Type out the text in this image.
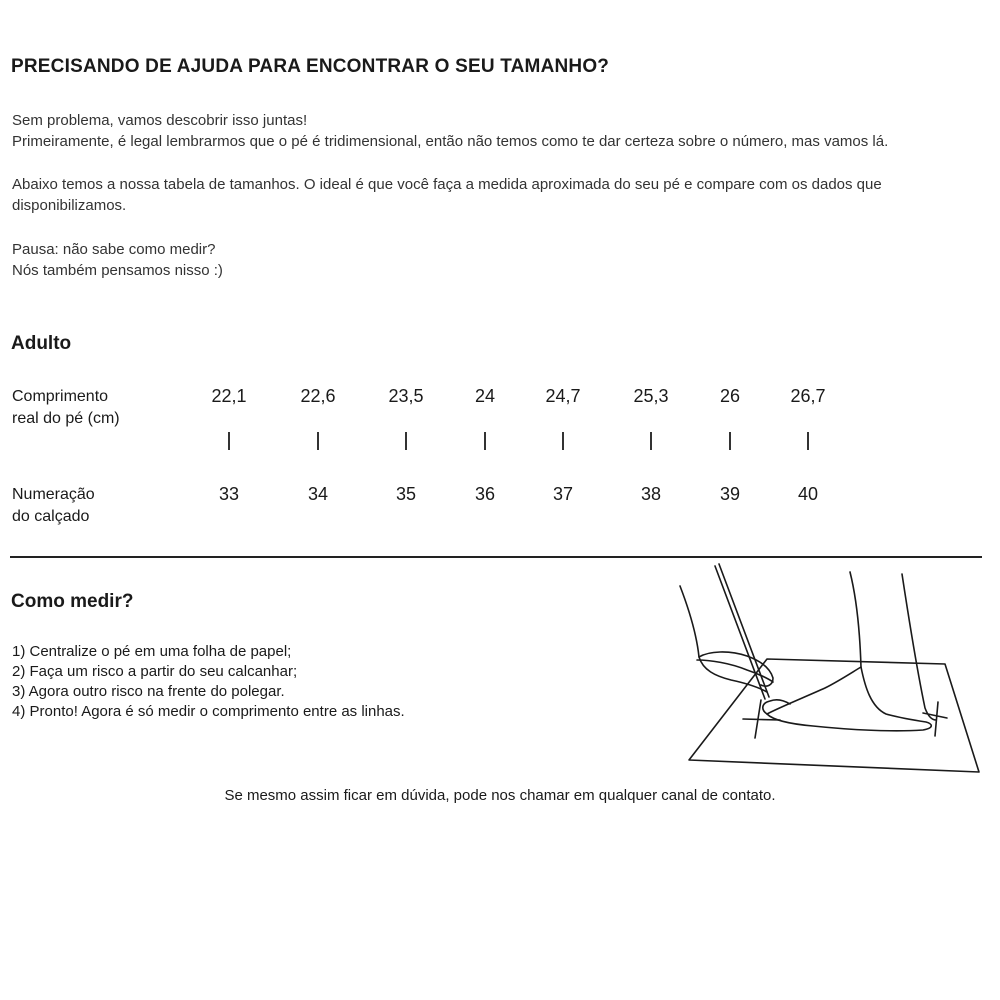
PRECISANDO DE AJUDA PARA ENCONTRAR O SEU TAMANHO?

Sem problema, vamos descobrir isso juntas!
Primeiramente, é legal lembrarmos que o pé é tridimensional, então não temos como te dar certeza sobre o número, mas vamos lá.

Abaixo temos a nossa tabela de tamanhos. O ideal é que você faça a medida aproximada do seu pé e compare com os dados que disponibilizamos.

Pausa: não sabe como medir?
Nós também pensamos nisso :)

Adulto

Comprimento
real do pé (cm)

Numeração
do calçado

22,1
33
22,6
34
23,5
35
24
36
24,7
37
25,3
38
26
39
26,7
40
Como medir?
1) Centralize o pé em uma folha de papel;
2) Faça um risco a partir do seu calcanhar;
3) Agora outro risco na frente do polegar.
4) Pronto! Agora é só medir o comprimento entre as linhas.

Se mesmo assim ficar em dúvida, pode nos chamar em qualquer canal de contato.
